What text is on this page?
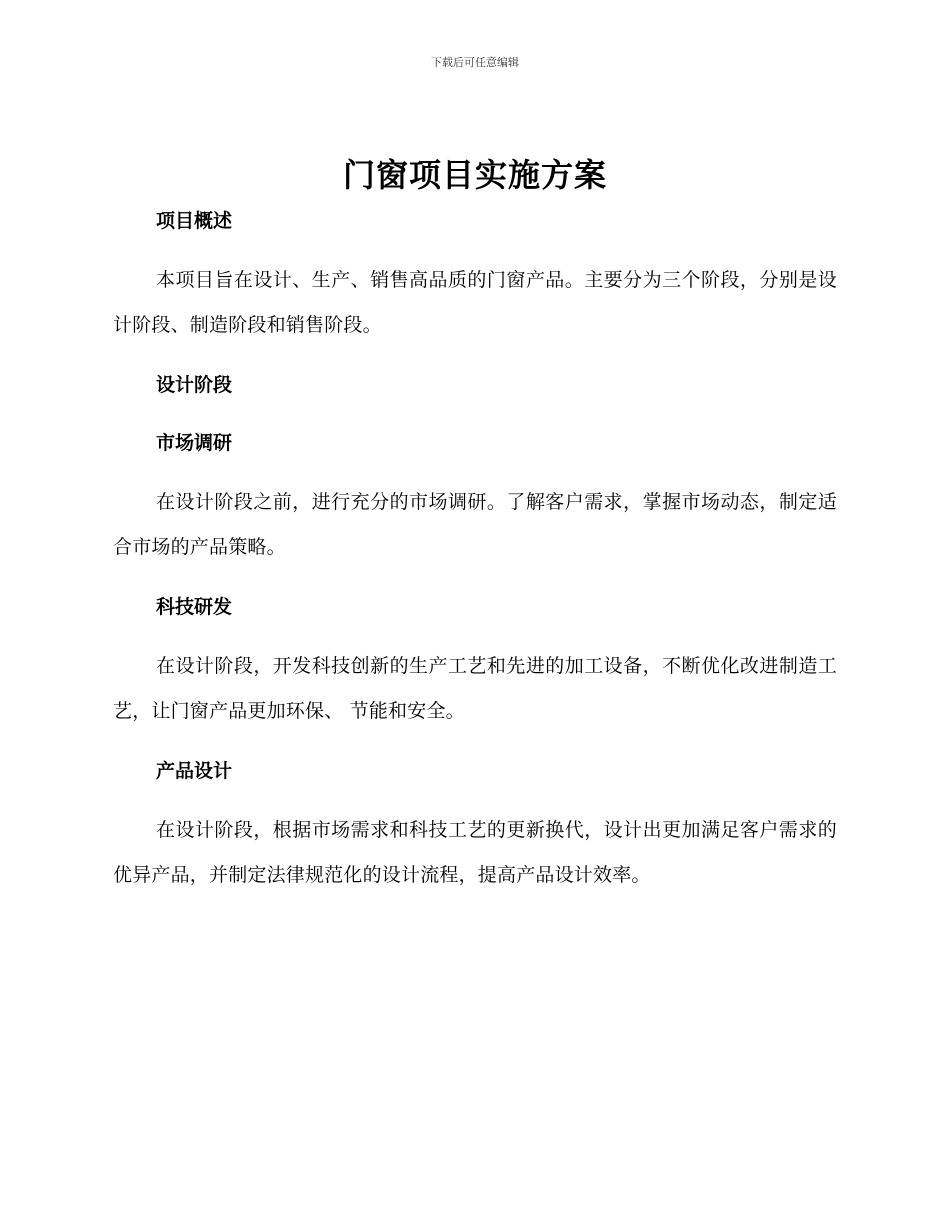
下载后可任意编辑
门窗项目实施方案
项目概述

本项目旨在设计、生产、销售高品质的门窗产品。主要分为三个阶段，分别是设计阶段、制造阶段和销售阶段。

设计阶段
市场调研

在设计阶段之前，进行充分的市场调研。了解客户需求，掌握市场动态，制定适合市场的产品策略。

科技研发

在设计阶段，开发科技创新的生产工艺和先进的加工设备，不断优化改进制造工艺，让门窗产品更加环保、 节能和安全。

产品设计

在设计阶段，根据市场需求和科技工艺的更新换代，设计出更加满足客户需求的优异产品，并制定法律规范化的设计流程，提高产品设计效率。
